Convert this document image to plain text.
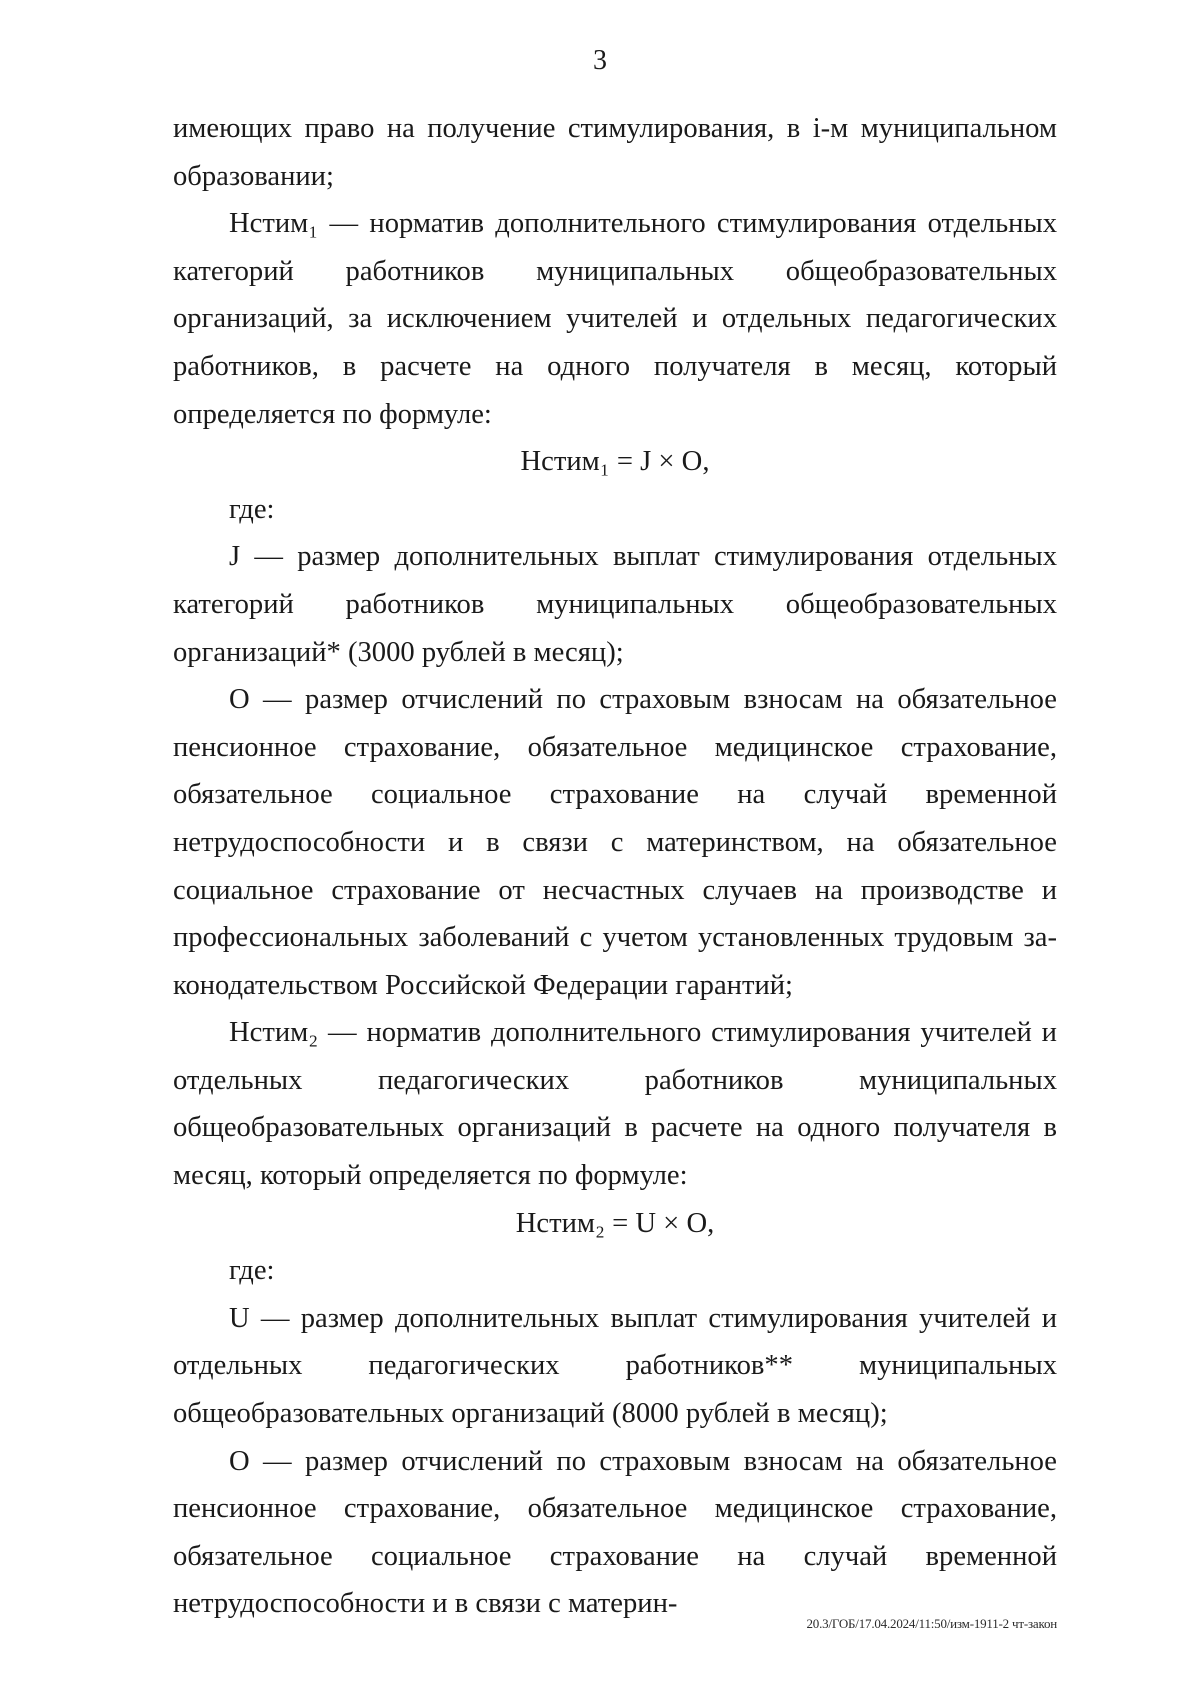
3

имеющих право на получение стимулирования, в i-м муниципальном образовании;

Нстим₁ — норматив дополнительного стимулирования отдельных категорий работников муниципальных общеобразовательных организаций, за исключением учителей и отдельных педагогических работников, в расчете на одного получателя в месяц, который определяется по формуле:

Нстим₁ = J × O,

где:

J — размер дополнительных выплат стимулирования отдельных категорий работников муниципальных общеобразовательных организаций* (3000 рублей в месяц);

O — размер отчислений по страховым взносам на обязательное пенсионное страхование, обязательное медицинское страхование, обязательное социальное страхование на случай временной нетрудоспособности и в связи с материнством, на обязательное социальное страхование от несчастных случаев на производстве и профессиональных заболеваний с учетом установленных трудовым законодательством Российской Федерации гарантий;

Нстим₂ — норматив дополнительного стимулирования учителей и отдельных педагогических работников муниципальных общеобразовательных организаций в расчете на одного получателя в месяц, который определяется по формуле:

Нстим₂ = U × O,

где:

U — размер дополнительных выплат стимулирования учителей и отдельных педагогических работников** муниципальных общеобразовательных организаций (8000 рублей в месяц);

O — размер отчислений по страховым взносам на обязательное пенсионное страхование, обязательное медицинское страхование, обязательное социальное страхование на случай временной нетрудоспособности и в связи с материн-

20.3/ГОБ/17.04.2024/11:50/изм-1911-2 чт-закон
